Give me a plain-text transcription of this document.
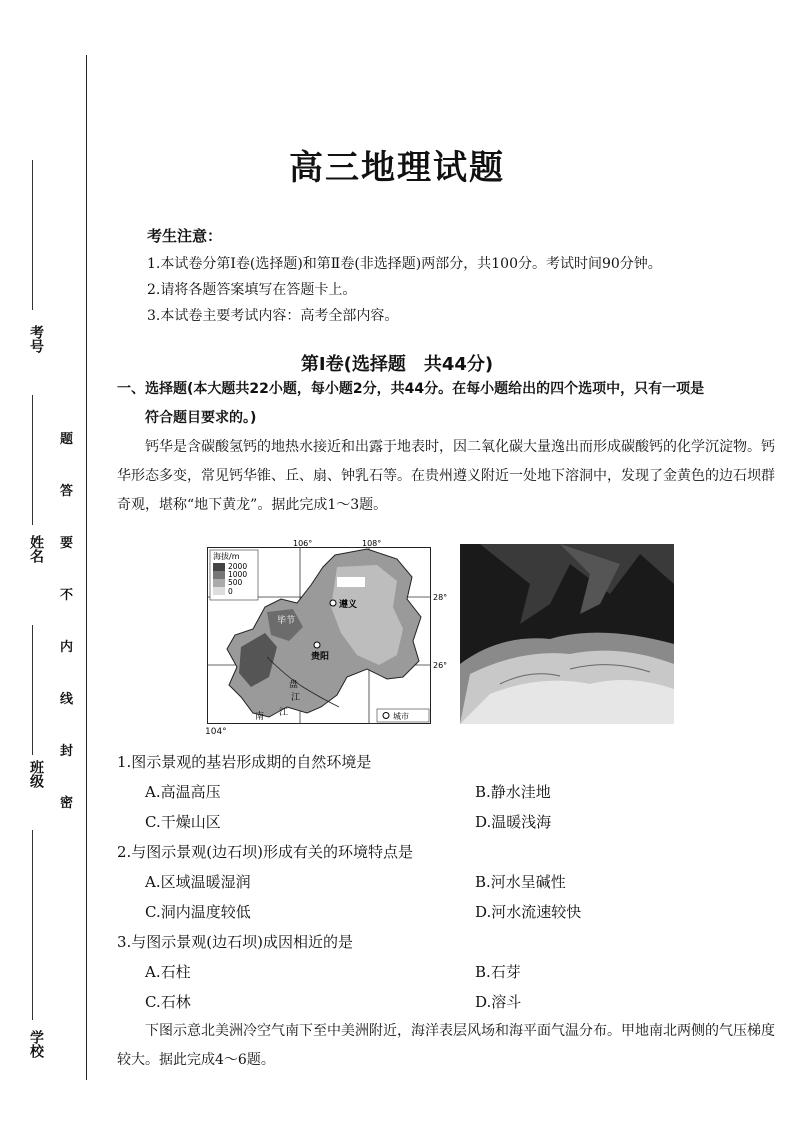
考号
姓名
班级
学校
题
答
要
不
内
线
封
密
高三地理试题
考生注意：
1.本试卷分第Ⅰ卷(选择题)和第Ⅱ卷(非选择题)两部分，共100分。考试时间90分钟。
2.请将各题答案填写在答题卡上。
3.本试卷主要考试内容：高考全部内容。
第Ⅰ卷(选择题　共44分)
一、选择题(本大题共22小题，每小题2分，共44分。在每小题给出的四个选项中，只有一项是
符合题目要求的。)
钙华是含碳酸氢钙的地热水接近和出露于地表时，因二氧化碳大量逸出而形成碳酸钙的化学沉淀物。钙华形态多变，常见钙华锥、丘、扇、钟乳石等。在贵州遵义附近一处地下溶洞中，发现了金黄色的边石坝群奇观，堪称“地下黄龙”。据此完成1～3题。
海拔/m
2000
1000
500
0
106°	108°
28°
26°
遵义
贵阳
毕节
盘
江
江
南	城市
104°
1.图示景观的基岩形成期的自然环境是
A.高温高压	B.静水洼地
C.干燥山区	D.温暖浅海
2.与图示景观(边石坝)形成有关的环境特点是
A.区域温暖湿润	B.河水呈碱性
C.洞内温度较低	D.河水流速较快
3.与图示景观(边石坝)成因相近的是
A.石柱	B.石芽
C.石林	D.溶斗
下图示意北美洲冷空气南下至中美洲附近，海洋表层风场和海平面气温分布。甲地南北两侧的气压梯度较大。据此完成4～6题。
